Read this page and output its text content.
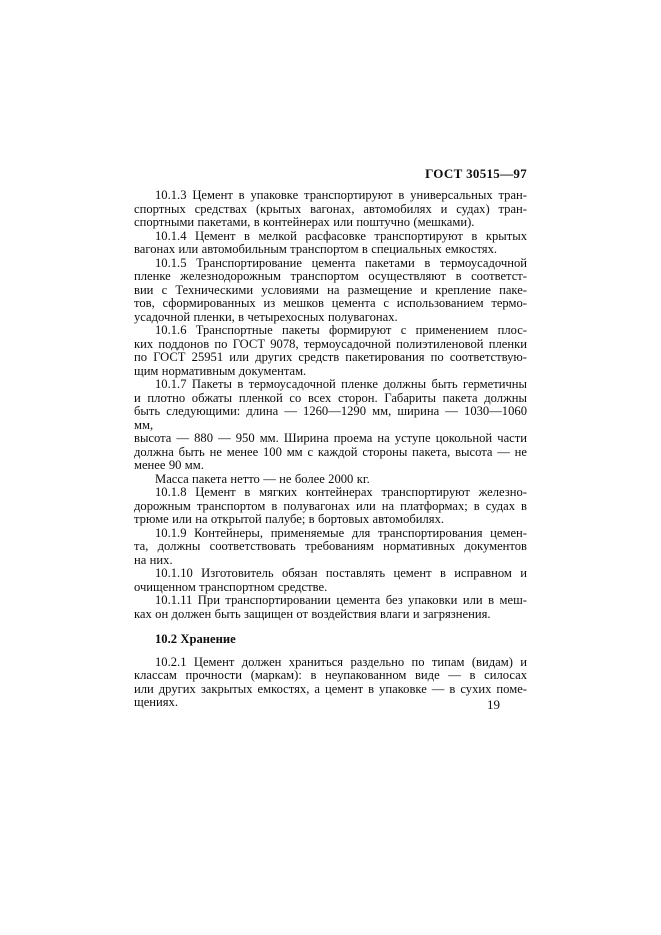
ГОСТ 30515—97
10.1.3 Цемент в упаковке транспортируют в универсальных тран-
спортных средствах (крытых вагонах, автомобилях и судах) тран-
спортными пакетами, в контейнерах или поштучно (мешками).
10.1.4 Цемент в мелкой расфасовке транспортируют в крытых
вагонах или автомобильным транспортом в специальных емкостях.
10.1.5 Транспортирование цемента пакетами в термоусадочной
пленке железнодорожным транспортом осуществляют в соответст-
вии с Техническими условиями на размещение и крепление паке-
тов, сформированных из мешков цемента с использованием термо-
усадочной пленки, в четырехосных полувагонах.
10.1.6 Транспортные пакеты формируют с применением плос-
ких поддонов по ГОСТ 9078, термоусадочной полиэтиленовой пленки
по ГОСТ 25951 или других средств пакетирования по соответствую-
щим нормативным документам.
10.1.7 Пакеты в термоусадочной пленке должны быть герметичны
и плотно обжаты пленкой со всех сторон. Габариты пакета должны
быть следующими: длина — 1260—1290 мм, ширина — 1030—1060 мм,
высота — 880 — 950 мм. Ширина проема на уступе цокольной части
должна быть не менее 100 мм с каждой стороны пакета, высота — не
менее 90 мм.
Масса пакета нетто — не более 2000 кг.
10.1.8 Цемент в мягких контейнерах транспортируют железно-
дорожным транспортом в полувагонах или на платформах; в судах в
трюме или на открытой палубе; в бортовых автомобилях.
10.1.9 Контейнеры, применяемые для транспортирования цемен-
та, должны соответствовать требованиям нормативных документов
на них.
10.1.10 Изготовитель обязан поставлять цемент в исправном и
очищенном транспортном средстве.
10.1.11 При транспортировании цемента без упаковки или в меш-
ках он должен быть защищен от воздействия влаги и загрязнения.
10.2 Хранение
10.2.1 Цемент должен храниться раздельно по типам (видам) и
классам прочности (маркам): в неупакованном виде — в силосах
или других закрытых емкостях, а цемент в упаковке — в сухих поме-
щениях.	19
